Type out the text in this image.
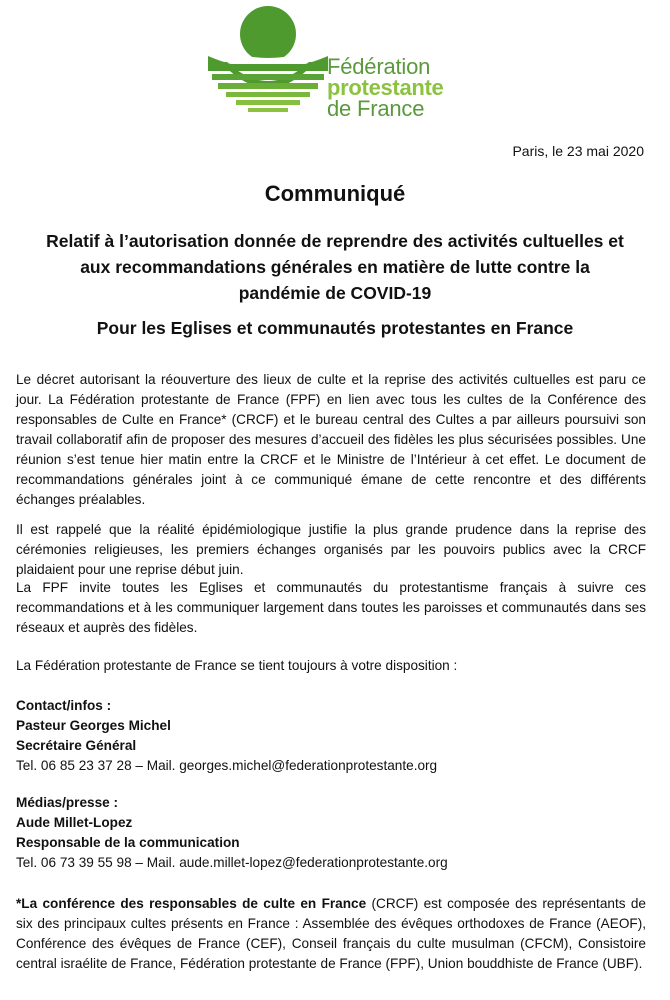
Fédération
protestante
de France
Paris, le 23 mai 2020
Communiqué
Relatif à l’autorisation donnée de reprendre des activités cultuelles et aux recommandations générales en matière de lutte contre la pandémie de COVID-19
Pour les Eglises et communautés protestantes en France
Le décret autorisant la réouverture des lieux de culte et la reprise des activités cultuelles est paru ce jour. La Fédération protestante de France (FPF) en lien avec tous les cultes de la Conférence des responsables de Culte en France* (CRCF) et le bureau central des Cultes a par ailleurs poursuivi son travail collaboratif afin de proposer des mesures d’accueil des fidèles les plus sécurisées possibles. Une réunion s’est tenue hier matin entre la CRCF et le Ministre de l’Intérieur à cet effet. Le document de recommandations générales joint à ce communiqué émane de cette rencontre et des différents échanges préalables.
Il est rappelé que la réalité épidémiologique justifie la plus grande prudence dans la reprise des cérémonies religieuses, les premiers échanges organisés par les pouvoirs publics avec la CRCF plaidaient pour une reprise début juin.
La FPF invite toutes les Eglises et communautés du protestantisme français à suivre ces recommandations et à les communiquer largement dans toutes les paroisses et communautés dans ses réseaux et auprès des fidèles.
La Fédération protestante de France se tient toujours à votre disposition :
Contact/infos :
Pasteur Georges Michel
Secrétaire Général
Tel. 06 85 23 37 28 – Mail. georges.michel@federationprotestante.org
Médias/presse :
Aude Millet-Lopez
Responsable de la communication
Tel. 06 73 39 55 98 – Mail. aude.millet-lopez@federationprotestante.org
*La conférence des responsables de culte en France (CRCF) est composée des représentants de six des principaux cultes présents en France : Assemblée des évêques orthodoxes de France (AEOF), Conférence des évêques de France (CEF), Conseil français du culte musulman (CFCM), Consistoire central israélite de France, Fédération protestante de France (FPF), Union bouddhiste de France (UBF).
